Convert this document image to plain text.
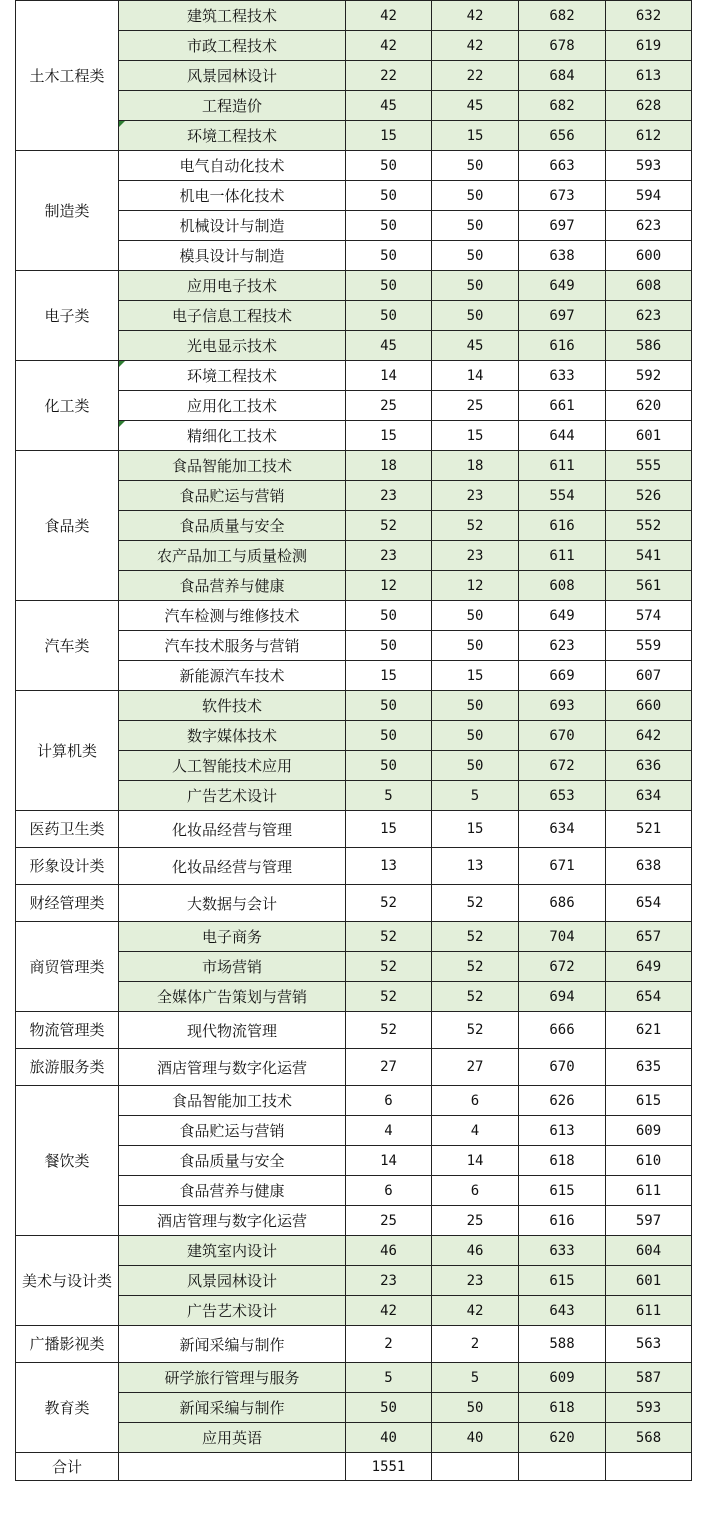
土木工程类	建筑工程技术	42	42	682	632
	市政工程技术	42	42	678	619
	风景园林设计	22	22	684	613
	工程造价	45	45	682	628
	环境工程技术	15	15	656	612
制造类	电气自动化技术	50	50	663	593
	机电一体化技术	50	50	673	594
	机械设计与制造	50	50	697	623
	模具设计与制造	50	50	638	600
电子类	应用电子技术	50	50	649	608
	电子信息工程技术	50	50	697	623
	光电显示技术	45	45	616	586
化工类	环境工程技术	14	14	633	592
	应用化工技术	25	25	661	620
	精细化工技术	15	15	644	601
食品类	食品智能加工技术	18	18	611	555
	食品贮运与营销	23	23	554	526
	食品质量与安全	52	52	616	552
	农产品加工与质量检测	23	23	611	541
	食品营养与健康	12	12	608	561
汽车类	汽车检测与维修技术	50	50	649	574
	汽车技术服务与营销	50	50	623	559
	新能源汽车技术	15	15	669	607
计算机类	软件技术	50	50	693	660
	数字媒体技术	50	50	670	642
	人工智能技术应用	50	50	672	636
	广告艺术设计	5	5	653	634
医药卫生类	化妆品经营与管理	15	15	634	521
形象设计类	化妆品经营与管理	13	13	671	638
财经管理类	大数据与会计	52	52	686	654
商贸管理类	电子商务	52	52	704	657
	市场营销	52	52	672	649
	全媒体广告策划与营销	52	52	694	654
物流管理类	现代物流管理	52	52	666	621
旅游服务类	酒店管理与数字化运营	27	27	670	635
餐饮类	食品智能加工技术	6	6	626	615
	食品贮运与营销	4	4	613	609
	食品质量与安全	14	14	618	610
	食品营养与健康	6	6	615	611
	酒店管理与数字化运营	25	25	616	597
美术与设计类	建筑室内设计	46	46	633	604
	风景园林设计	23	23	615	601
	广告艺术设计	42	42	643	611
广播影视类	新闻采编与制作	2	2	588	563
教育类	研学旅行管理与服务	5	5	609	587
	新闻采编与制作	50	50	618	593
	应用英语	40	40	620	568
合计		1551			
